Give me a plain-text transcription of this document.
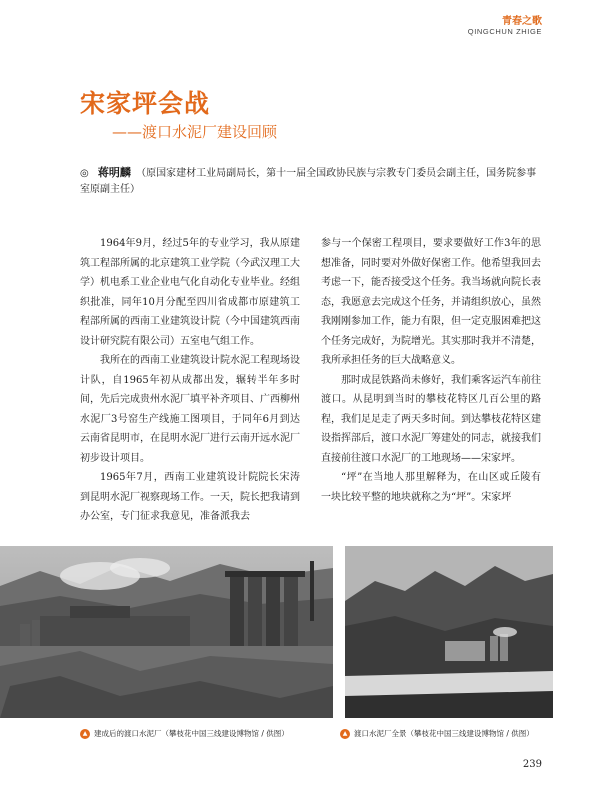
青春之歌
QINGCHUN ZHIGE
宋家坪会战
——渡口水泥厂建设回顾
◎ 蒋明麟 （原国家建材工业局副局长，第十一届全国政协民族与宗教专门委员会副主任，国务院参事室原副主任）

1964年9月，经过5年的专业学习，我从原建筑工程部所属的北京建筑工业学院（今武汉理工大学）机电系工业企业电气化自动化专业毕业。经组织批准，同年10月分配至四川省成都市原建筑工程部所属的西南工业建筑设计院（今中国建筑西南设计研究院有限公司）五室电气组工作。

我所在的西南工业建筑设计院水泥工程现场设计队，自1965年初从成都出发，辗转半年多时间，先后完成贵州水泥厂填平补齐项目、广西柳州水泥厂3号窑生产线施工图项目，于同年6月到达云南省昆明市，在昆明水泥厂进行云南开远水泥厂初步设计项目。

1965年7月，西南工业建筑设计院院长宋涛到昆明水泥厂视察现场工作。一天，院长把我请到办公室，专门征求我意见，准备派我去

参与一个保密工程项目，要求要做好工作3年的思想准备，同时要对外做好保密工作。他希望我回去考虑一下，能否接受这个任务。我当场就向院长表态，我愿意去完成这个任务，并请组织放心，虽然我刚刚参加工作，能力有限，但一定克服困难把这个任务完成好，为院增光。其实那时我并不清楚，我所承担任务的巨大战略意义。

那时成昆铁路尚未修好，我们乘客运汽车前往渡口。从昆明到当时的攀枝花特区几百公里的路程，我们足足走了两天多时间。到达攀枝花特区建设指挥部后，渡口水泥厂筹建处的同志，就接我们直接前往渡口水泥厂的工地现场——宋家坪。

“坪”在当地人那里解释为，在山区或丘陵有一块比较平整的地块就称之为“坪”。宋家坪

▲ 建成后的渡口水泥厂（攀枝花中国三线建设博物馆 / 供图）	▲ 渡口水泥厂全景（攀枝花中国三线建设博物馆 / 供图）
239
